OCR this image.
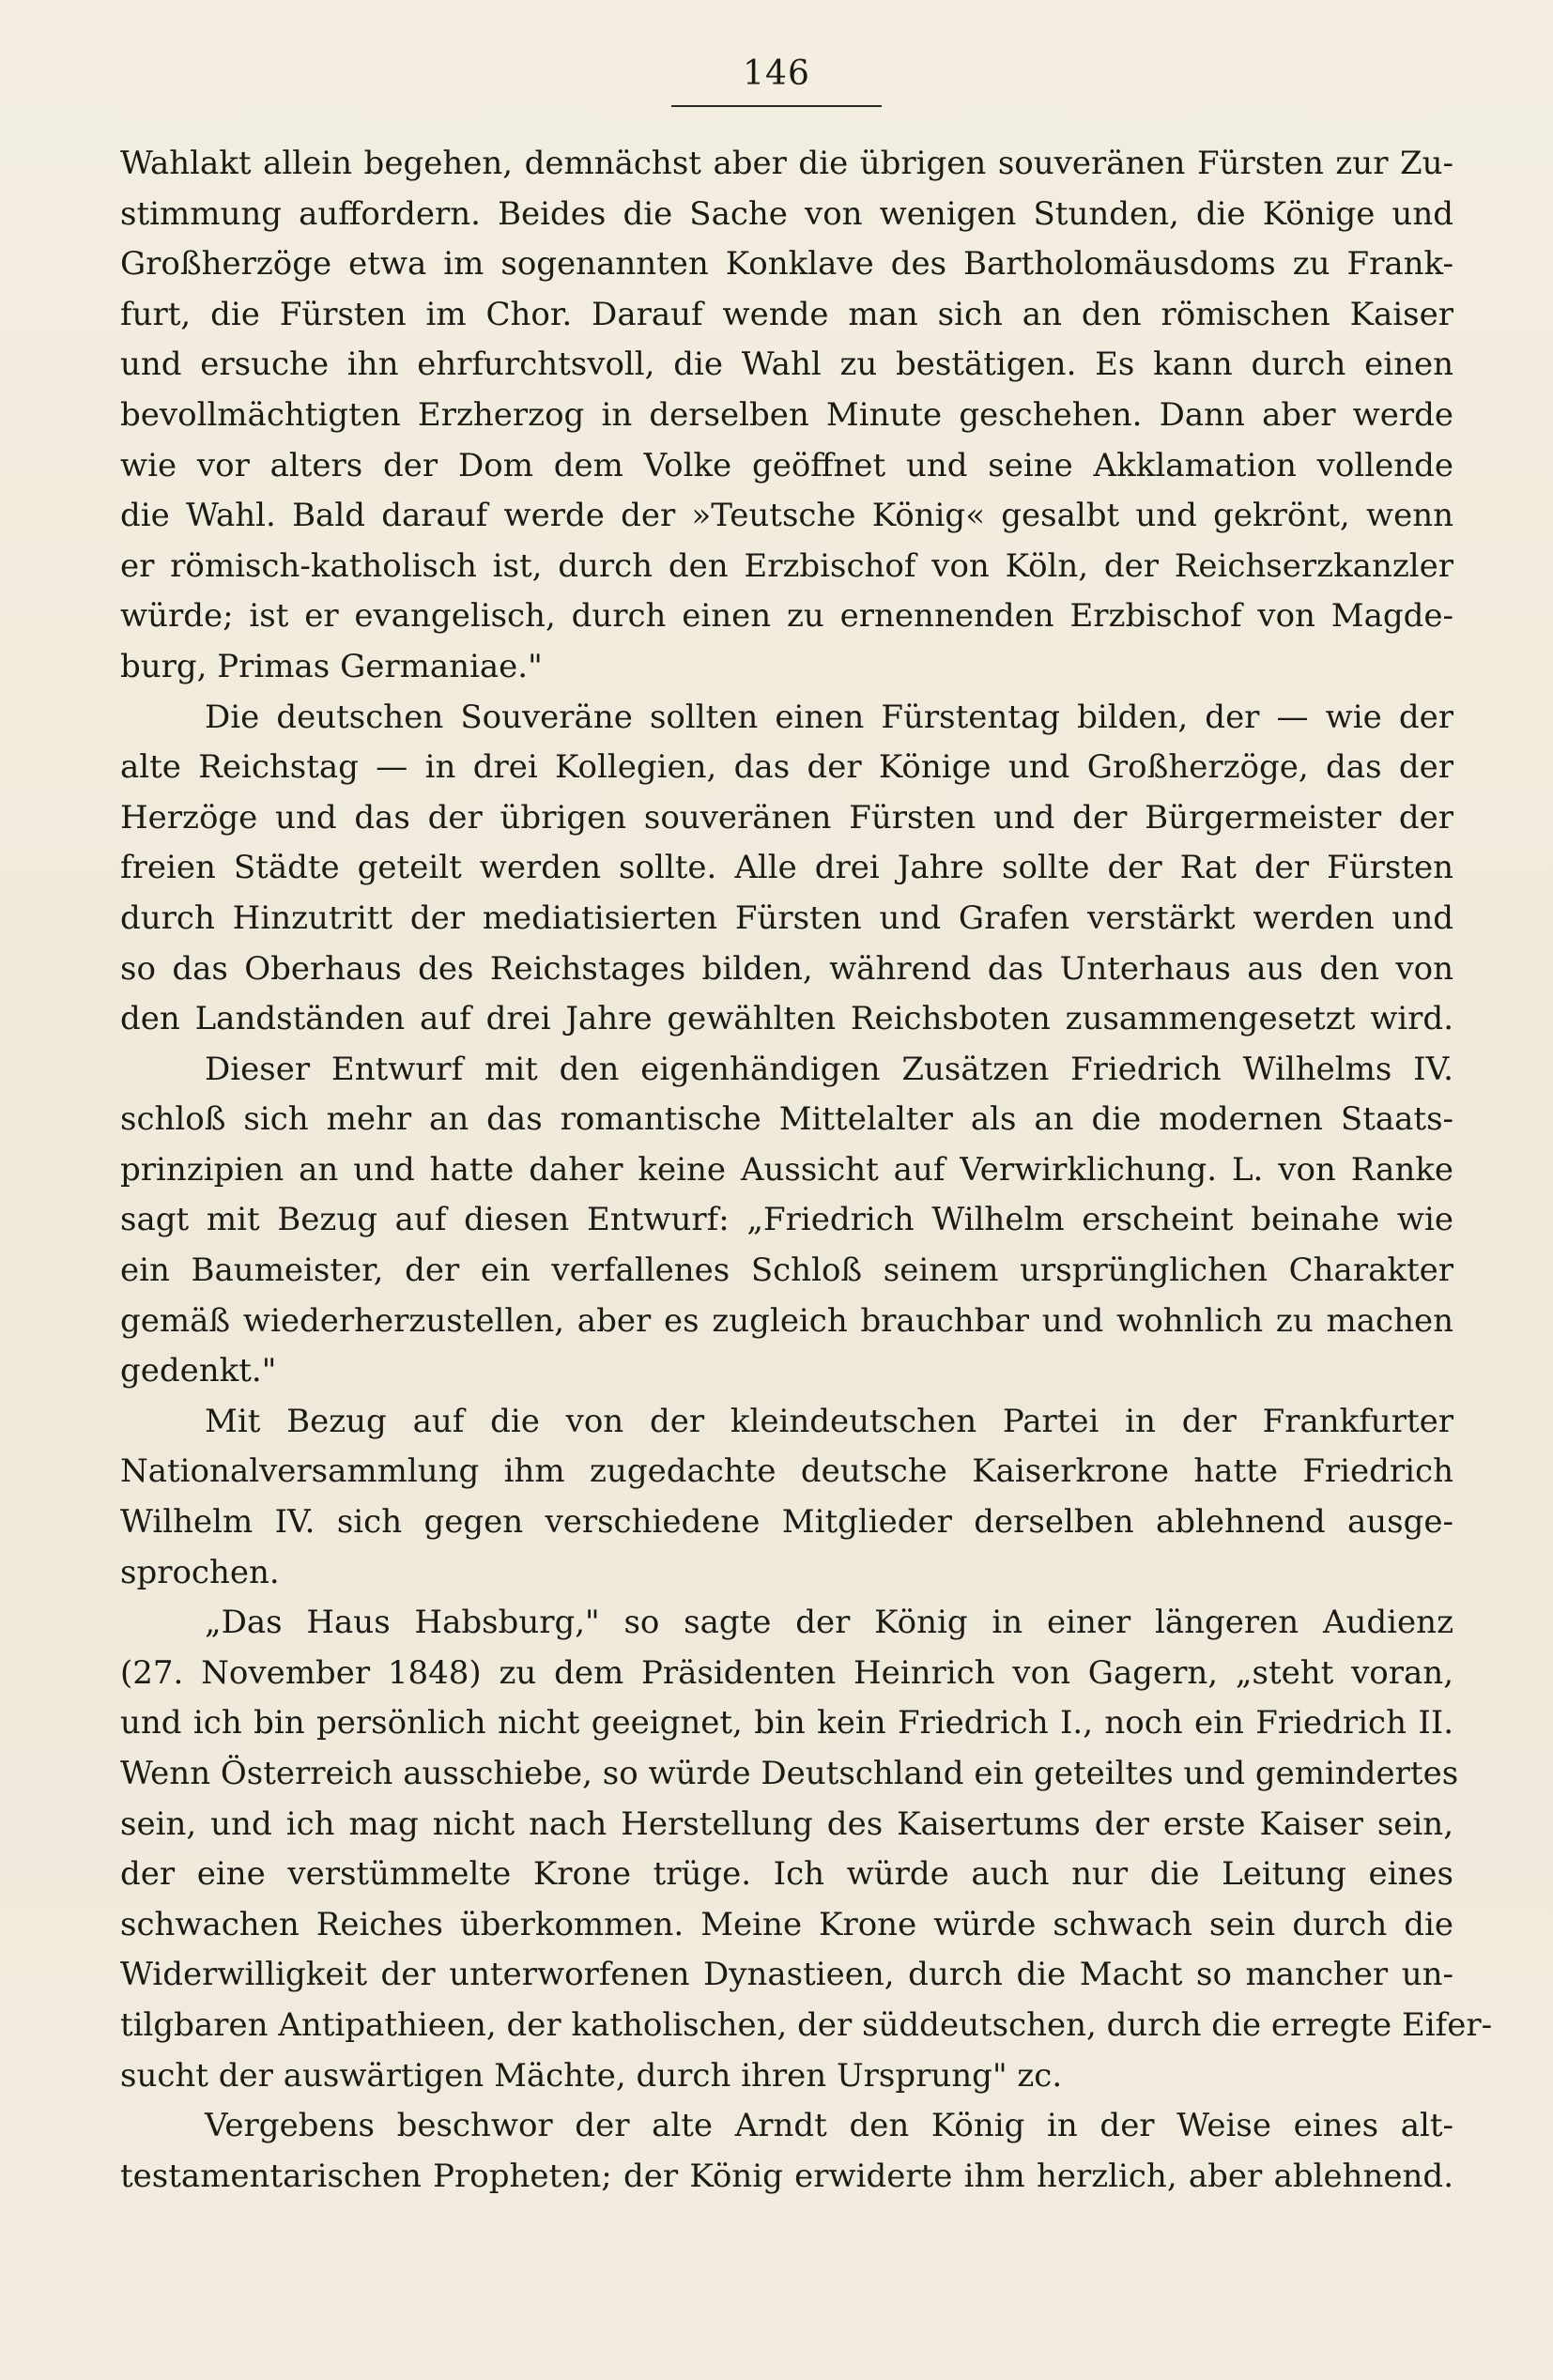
146
Wahlakt allein begehen, demnächst aber die übrigen souveränen Fürsten zur Zu-
stimmung auffordern. Beides die Sache von wenigen Stunden, die Könige und
Großherzöge etwa im sogenannten Konklave des Bartholomäusdoms zu Frank-
furt, die Fürsten im Chor. Darauf wende man sich an den römischen Kaiser
und ersuche ihn ehrfurchtsvoll, die Wahl zu bestätigen. Es kann durch einen
bevollmächtigten Erzherzog in derselben Minute geschehen. Dann aber werde
wie vor alters der Dom dem Volke geöffnet und seine Akklamation vollende
die Wahl. Bald darauf werde der »Teutsche König« gesalbt und gekrönt, wenn
er römisch-katholisch ist, durch den Erzbischof von Köln, der Reichserzkanzler
würde; ist er evangelisch, durch einen zu ernennenden Erzbischof von Magde-
burg, Primas Germaniae."
Die deutschen Souveräne sollten einen Fürstentag bilden, der — wie der
alte Reichstag — in drei Kollegien, das der Könige und Großherzöge, das der
Herzöge und das der übrigen souveränen Fürsten und der Bürgermeister der
freien Städte geteilt werden sollte. Alle drei Jahre sollte der Rat der Fürsten
durch Hinzutritt der mediatisierten Fürsten und Grafen verstärkt werden und
so das Oberhaus des Reichstages bilden, während das Unterhaus aus den von
den Landständen auf drei Jahre gewählten Reichsboten zusammengesetzt wird.
Dieser Entwurf mit den eigenhändigen Zusätzen Friedrich Wilhelms IV.
schloß sich mehr an das romantische Mittelalter als an die modernen Staats-
prinzipien an und hatte daher keine Aussicht auf Verwirklichung. L. von Ranke
sagt mit Bezug auf diesen Entwurf: „Friedrich Wilhelm erscheint beinahe wie
ein Baumeister, der ein verfallenes Schloß seinem ursprünglichen Charakter
gemäß wiederherzustellen, aber es zugleich brauchbar und wohnlich zu machen
gedenkt."
Mit Bezug auf die von der kleindeutschen Partei in der Frankfurter
Nationalversammlung ihm zugedachte deutsche Kaiserkrone hatte Friedrich
Wilhelm IV. sich gegen verschiedene Mitglieder derselben ablehnend ausge-
sprochen.
„Das Haus Habsburg," so sagte der König in einer längeren Audienz
(27. November 1848) zu dem Präsidenten Heinrich von Gagern, „steht voran,
und ich bin persönlich nicht geeignet, bin kein Friedrich I., noch ein Friedrich II.
Wenn Österreich ausschiebe, so würde Deutschland ein geteiltes und gemindertes
sein, und ich mag nicht nach Herstellung des Kaisertums der erste Kaiser sein,
der eine verstümmelte Krone trüge. Ich würde auch nur die Leitung eines
schwachen Reiches überkommen. Meine Krone würde schwach sein durch die
Widerwilligkeit der unterworfenen Dynastieen, durch die Macht so mancher un-
tilgbaren Antipathieen, der katholischen, der süddeutschen, durch die erregte Eifer-
sucht der auswärtigen Mächte, durch ihren Ursprung" zc.
Vergebens beschwor der alte Arndt den König in der Weise eines alt-
testamentarischen Propheten; der König erwiderte ihm herzlich, aber ablehnend.
